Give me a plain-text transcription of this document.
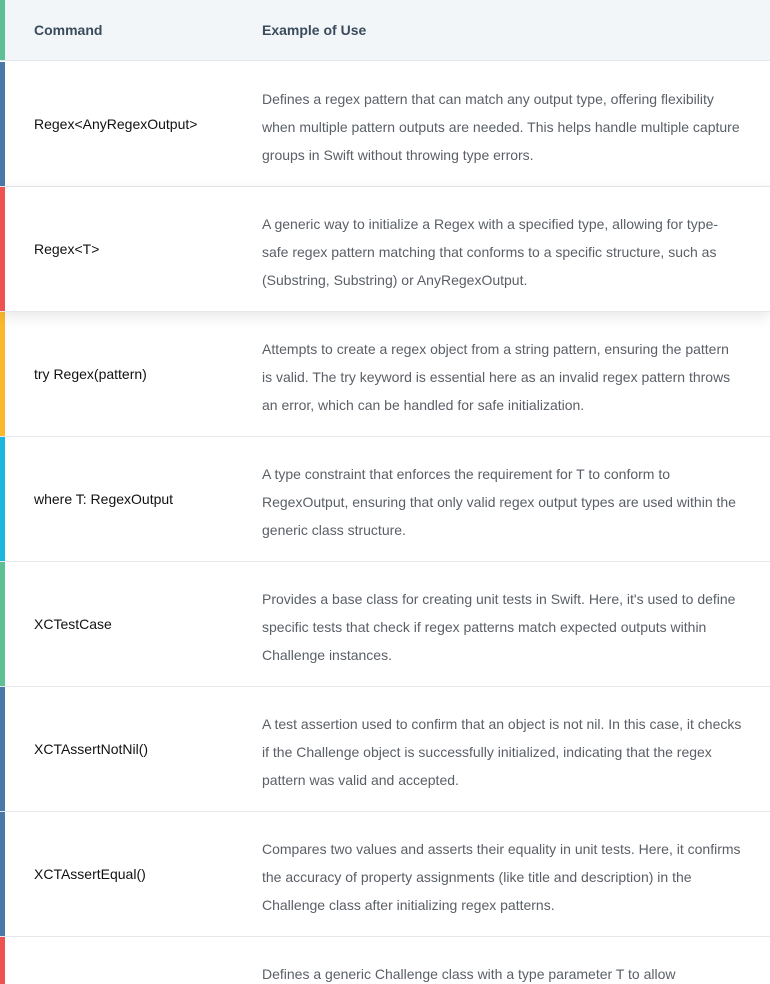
Command	Example of Use
Regex<AnyRegexOutput>
Defines a regex pattern that can match any output type, offering flexibility when multiple pattern outputs are needed. This helps handle multiple capture groups in Swift without throwing type errors.
Regex<T>
A generic way to initialize a Regex with a specified type, allowing for type-safe regex pattern matching that conforms to a specific structure, such as (Substring, Substring) or AnyRegexOutput.
try Regex(pattern)
Attempts to create a regex object from a string pattern, ensuring the pattern is valid. The try keyword is essential here as an invalid regex pattern throws an error, which can be handled for safe initialization.
where T: RegexOutput
A type constraint that enforces the requirement for T to conform to RegexOutput, ensuring that only valid regex output types are used within the generic class structure.
XCTestCase
Provides a base class for creating unit tests in Swift. Here, it's used to define specific tests that check if regex patterns match expected outputs within Challenge instances.
XCTAssertNotNil()
A test assertion used to confirm that an object is not nil. In this case, it checks if the Challenge object is successfully initialized, indicating that the regex pattern was valid and accepted.
XCTAssertEqual()
Compares two values and asserts their equality in unit tests. Here, it confirms the accuracy of property assignments (like title and description) in the Challenge class after initializing regex patterns.
Defines a generic Challenge class with a type parameter T to allow
